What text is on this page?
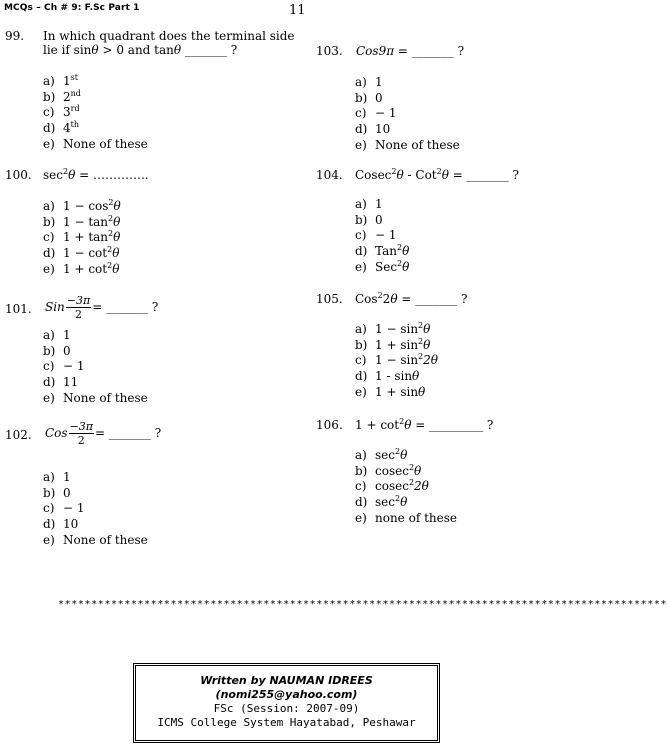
MCQs – Ch # 9: F.Sc Part 1	11
99. In which quadrant does the terminal side
lie if sinθ > 0 and tanθ _______ ?
a) 1st
b) 2nd
c) 3rd
d) 4th
e) None of these
100. $\sec^2\theta$ = …………..
a) $1 - \cos^2\theta$
b) $1 - \tan^2\theta$
c) $1 + \tan^2\theta$
d) $1 - \cot^2\theta$
e) $1 + \cot^2\theta$
101. Sin $\frac{-3\pi}{2}$ = _______ ?
a) 1
b) 0
c) − 1
d) 11
e) None of these
102. Cos $\frac{-3\pi}{2}$ = _______ ?
a) 1
b) 0
c) − 1
d) 10
e) None of these
103. Cos9π = _______ ?
a) 1
b) 0
c) − 1
d) 10
e) None of these
104. Cosec$^2$θ - Cot$^2$θ = _______ ?
a) 1
b) 0
c) − 1
d) Tan$^2$θ
e) Sec$^2$θ
105. Cos$^2$2θ = _______ ?
a) $1 - \sin^2\theta$
b) $1 + \sin^2\theta$
c) $1 - \sin^22\theta$
d) 1 - sinθ
e) 1 + sinθ
106. $1 + \cot^2\theta$ = _________ ?
a) $\sec^2\theta$
b) cosec$^2$θ
c) cosec$^2$2θ
d) $\sec^2\theta$
e) none of these
********************************************************************************************
Written by NAUMAN IDREES
(nomi255@yahoo.com)
FSc (Session: 2007-09)
ICMS College System Hayatabad, Peshawar
